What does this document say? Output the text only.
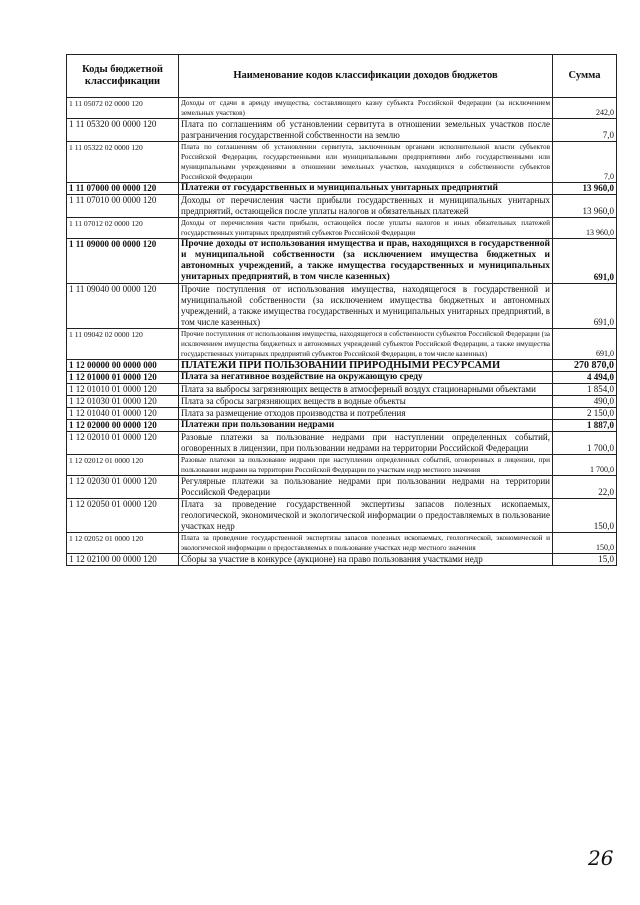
Коды бюджетной классификации	Наименование кодов классификации доходов бюджетов	Сумма
1 11 05072 02 0000 120	Доходы от сдачи в аренду имущества, составляющего казну субъекта Российской Федерации (за исключением земельных участков)	242,0
1 11 05320 00 0000 120	Плата по соглашениям об установлении сервитута в отношении земельных участков после разграничения государственной собственности на землю	7,0
1 11 05322 02 0000 120	Плата по соглашениям об установлении сервитута, заключенным органами исполнительной власти субъектов Российской Федерации, государственными или муниципальными предприятиями либо государственными или муниципальными учреждениями в отношении земельных участков, находящихся в собственности субъектов Российской Федерации	7,0
1 11 07000 00 0000 120	Платежи от государственных и муниципальных унитарных предприятий	13 960,0
1 11 07010 00 0000 120	Доходы от перечисления части прибыли государственных и муниципальных унитарных предприятий, остающейся после уплаты налогов и обязательных платежей	13 960,0
1 11 07012 02 0000 120	Доходы от перечисления части прибыли, остающейся после уплаты налогов и иных обязательных платежей государственных унитарных предприятий субъектов Российской Федерации	13 960,0
1 11 09000 00 0000 120	Прочие доходы от использования имущества и прав, находящихся в государственной и муниципальной собственности (за исключением имущества бюджетных и автономных учреждений, а также имущества государственных и муниципальных унитарных предприятий, в том числе казенных)	691,0
1 11 09040 00 0000 120	Прочие поступления от использования имущества, находящегося в государственной и муниципальной собственности (за исключением имущества бюджетных и автономных учреждений, а также имущества государственных и муниципальных унитарных предприятий, в том числе казенных)	691,0
1 11 09042 02 0000 120	Прочие поступления от использования имущества, находящегося в собственности субъектов Российской Федерации (за исключением имущества бюджетных и автономных учреждений субъектов Российской Федерации, а также имущества государственных унитарных предприятий субъектов Российской Федерации, в том числе казенных)	691,0
1 12 00000 00 0000 000	ПЛАТЕЖИ ПРИ ПОЛЬЗОВАНИИ ПРИРОДНЫМИ РЕСУРСАМИ	270 870,0
1 12 01000 01 0000 120	Плата за негативное воздействие на окружающую среду	4 494,0
1 12 01010 01 0000 120	Плата за выбросы загрязняющих веществ в атмосферный воздух стационарными объектами	1 854,0
1 12 01030 01 0000 120	Плата за сбросы загрязняющих веществ в водные объекты	490,0
1 12 01040 01 0000 120	Плата за размещение отходов производства и потребления	2 150,0
1 12 02000 00 0000 120	Платежи при пользовании недрами	1 887,0
1 12 02010 01 0000 120	Разовые платежи за пользование недрами при наступлении определенных событий, оговоренных в лицензии, при пользовании недрами на территории Российской Федерации	1 700,0
1 12 02012 01 0000 120	Разовые платежи за пользование недрами при наступлении определенных событий, оговоренных в лицензии, при пользовании недрами на территории Российской Федерации по участкам недр местного значения	1 700,0
1 12 02030 01 0000 120	Регулярные платежи за пользование недрами при пользовании недрами на территории Российской Федерации	22,0
1 12 02050 01 0000 120	Плата за проведение государственной экспертизы запасов полезных ископаемых, геологической, экономической и экологической информации о предоставляемых в пользование участках недр	150,0
1 12 02052 01 0000 120	Плата за проведение государственной экспертизы запасов полезных ископаемых, геологической, экономической и экологической информации о предоставляемых в пользование участках недр местного значения	150,0
1 12 02100 00 0000 120	Сборы за участие в конкурсе (аукционе) на право пользования участками недр	15,0
26
